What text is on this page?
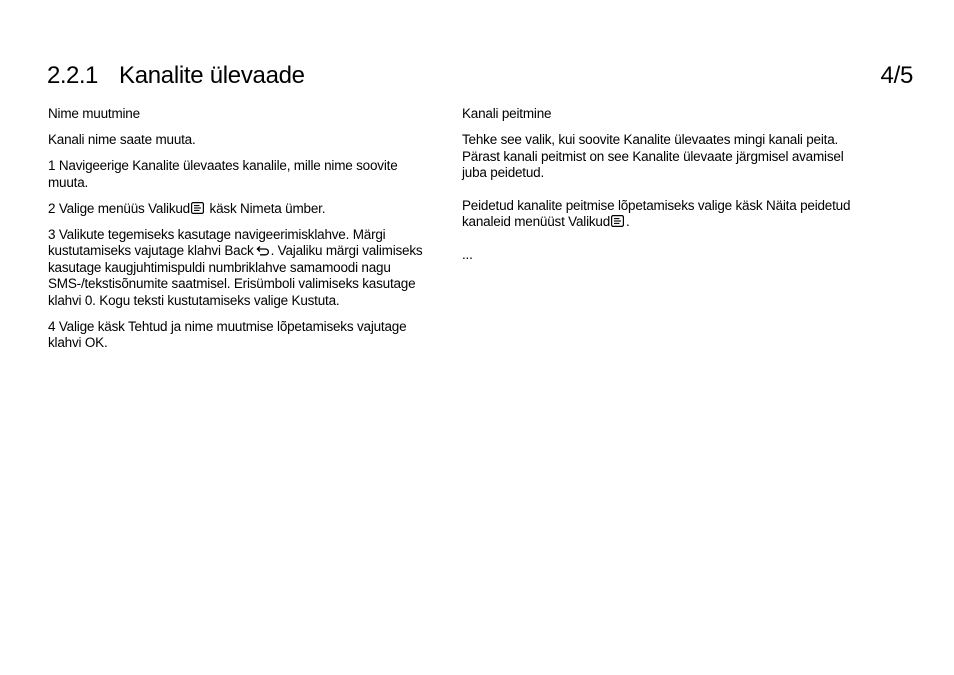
2.2.1 Kanalite ülevaade	4/5

Nime muutmine

Kanali nime saate muuta.

1 Navigeerige Kanalite ülevaates kanalile, mille nime soovite muuta.

2 Valige menüüs Valikud käsk Nimeta ümber.

3 Valikute tegemiseks kasutage navigeerimisklahve. Märgi kustutamiseks vajutage klahvi Back . Vajaliku märgi valimiseks kasutage kaugjuhtimispuldi numbriklahve samamoodi nagu SMS-/tekstisõnumite saatmisel. Erisümboli valimiseks kasutage klahvi 0. Kogu teksti kustutamiseks valige Kustuta.

4 Valige käsk Tehtud ja nime muutmise lõpetamiseks vajutage klahvi OK.

Kanali peitmine

Tehke see valik, kui soovite Kanalite ülevaates mingi kanali peita. Pärast kanali peitmist on see Kanalite ülevaate järgmisel avamisel juba peidetud.

Peidetud kanalite peitmise lõpetamiseks valige käsk Näita peidetud kanaleid menüüst Valikud .

...
